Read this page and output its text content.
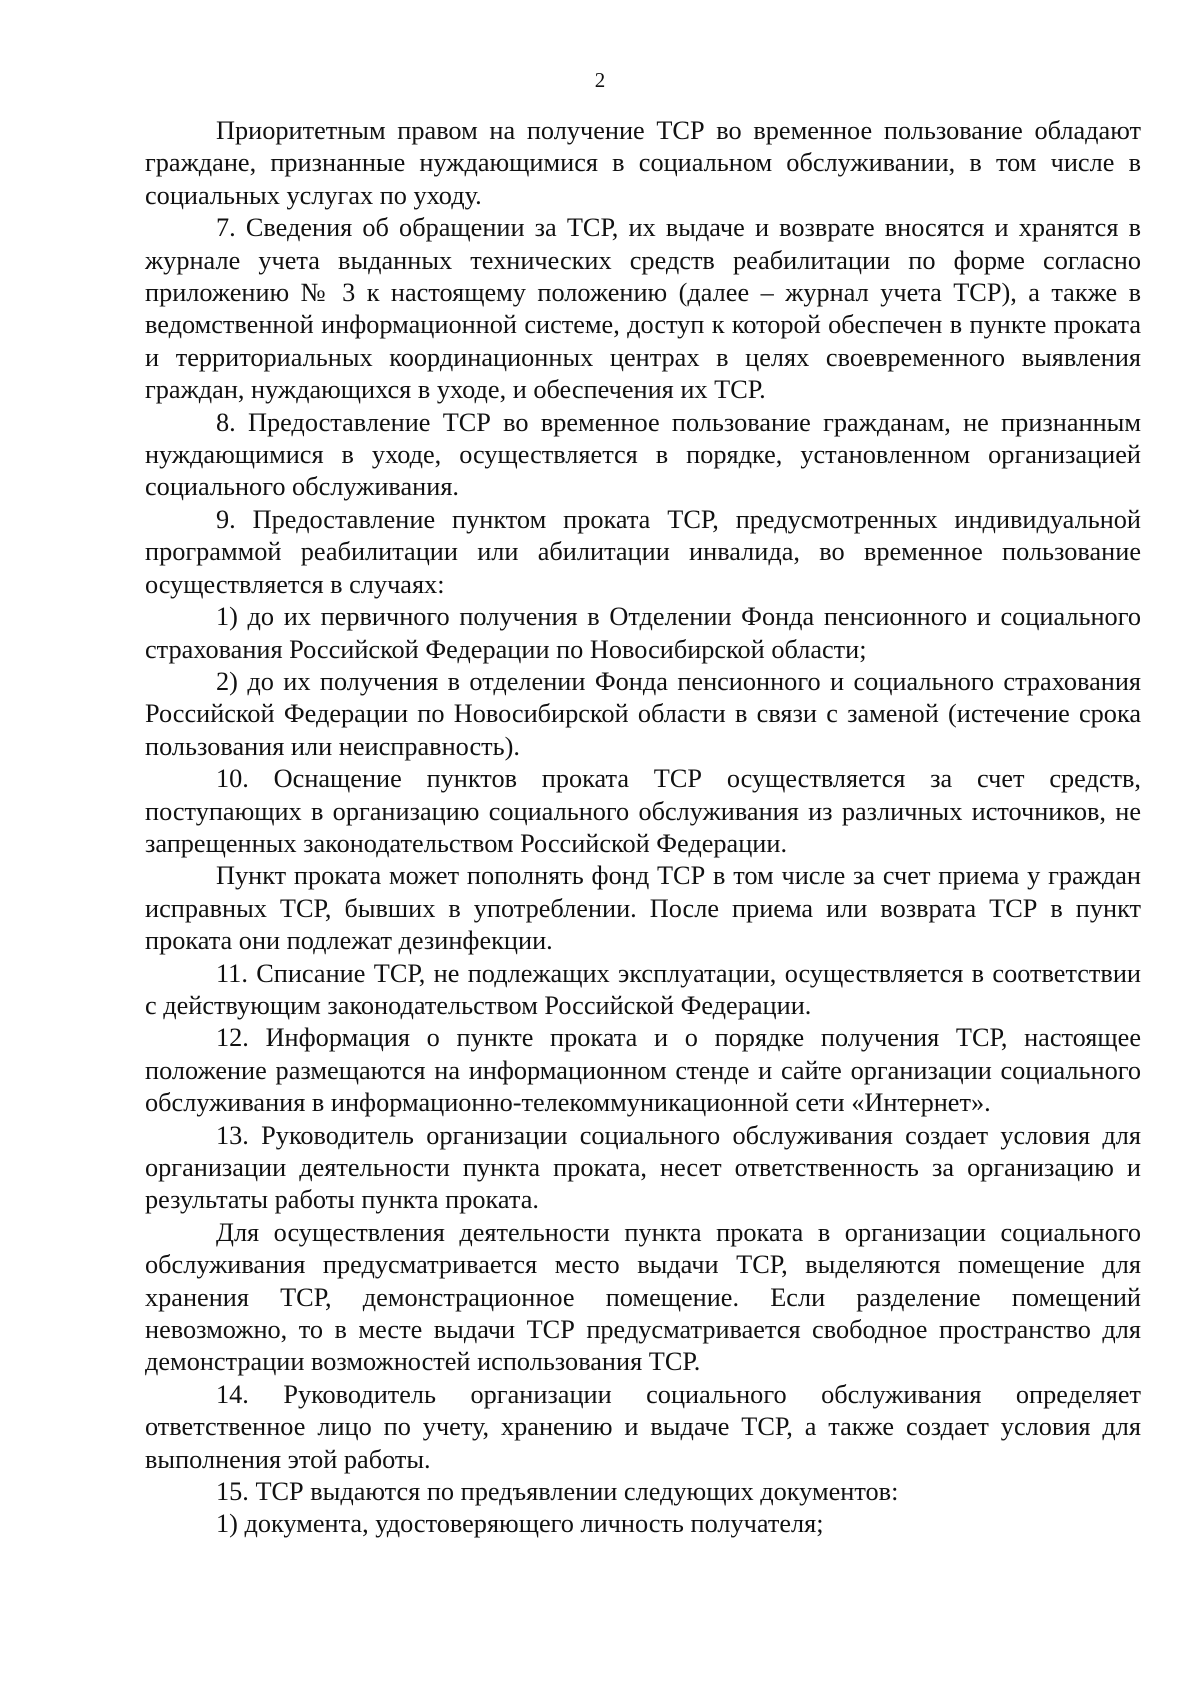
2

Приоритетным правом на получение ТСР во временное пользование обладают граждане, признанные нуждающимися в социальном обслуживании, в том числе в социальных услугах по уходу.

7. Сведения об обращении за ТСР, их выдаче и возврате вносятся и хранятся в журнале учета выданных технических средств реабилитации по форме согласно приложению № 3 к настоящему положению (далее – журнал учета ТСР), а также в ведомственной информационной системе, доступ к которой обеспечен в пункте проката и территориальных координационных центрах в целях своевременного выявления граждан, нуждающихся в уходе, и обеспечения их ТСР.

8. Предоставление ТСР во временное пользование гражданам, не признанным нуждающимися в уходе, осуществляется в порядке, установленном организацией социального обслуживания.

9. Предоставление пунктом проката ТСР, предусмотренных индивидуальной программой реабилитации или абилитации инвалида, во временное пользование осуществляется в случаях:

1) до их первичного получения в Отделении Фонда пенсионного и социального страхования Российской Федерации по Новосибирской области;

2) до их получения в отделении Фонда пенсионного и социального страхования Российской Федерации по Новосибирской области в связи с заменой (истечение срока пользования или неисправность).

10. Оснащение пунктов проката ТСР осуществляется за счет средств, поступающих в организацию социального обслуживания из различных источников, не запрещенных законодательством Российской Федерации.

Пункт проката может пополнять фонд ТСР в том числе за счет приема у граждан исправных ТСР, бывших в употреблении. После приема или возврата ТСР в пункт проката они подлежат дезинфекции.

11. Списание ТСР, не подлежащих эксплуатации, осуществляется в соответствии с действующим законодательством Российской Федерации.

12. Информация о пункте проката и о порядке получения ТСР, настоящее положение размещаются на информационном стенде и сайте организации социального обслуживания в информационно-телекоммуникационной сети «Интернет».

13. Руководитель организации социального обслуживания создает условия для организации деятельности пункта проката, несет ответственность за организацию и результаты работы пункта проката.

Для осуществления деятельности пункта проката в организации социального обслуживания предусматривается место выдачи ТСР, выделяются помещение для хранения ТСР, демонстрационное помещение. Если разделение помещений невозможно, то в месте выдачи ТСР предусматривается свободное пространство для демонстрации возможностей использования ТСР.

14. Руководитель организации социального обслуживания определяет ответственное лицо по учету, хранению и выдаче ТСР, а также создает условия для выполнения этой работы.

15. ТСР выдаются по предъявлении следующих документов:

1) документа, удостоверяющего личность получателя;
